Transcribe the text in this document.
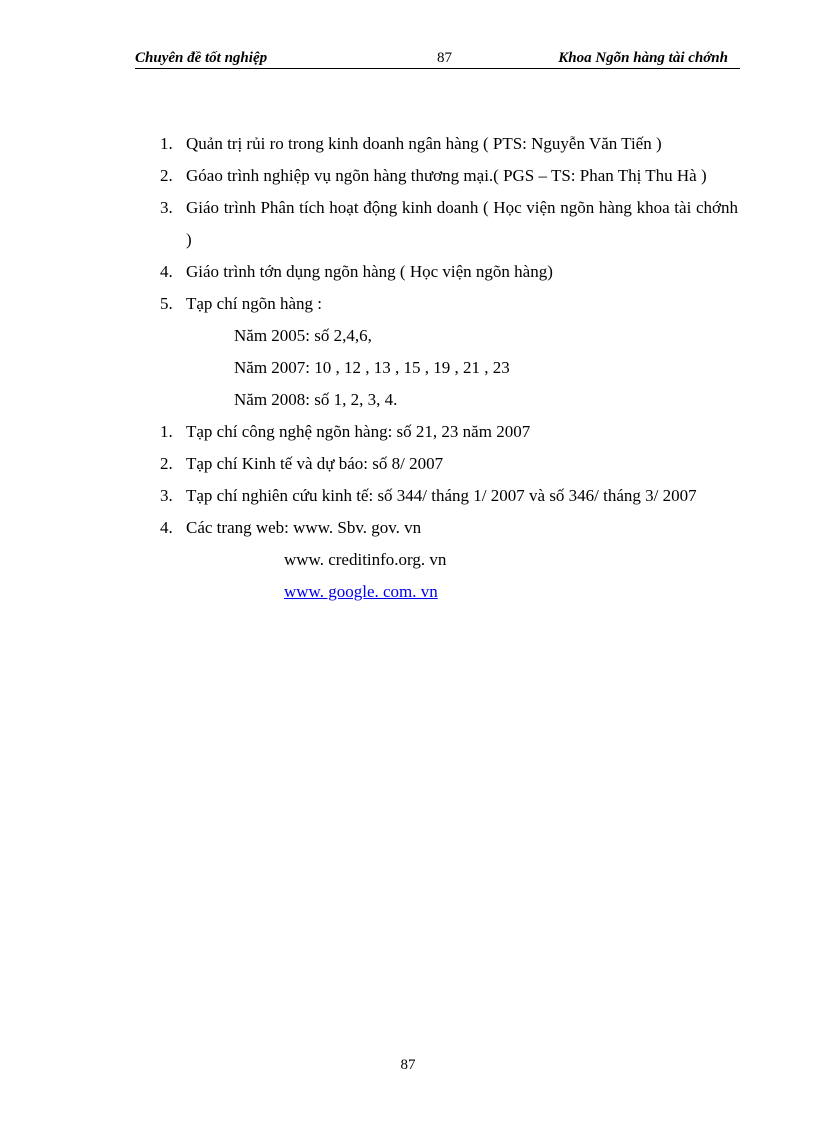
Chuyên đề tốt nghiệp	87	Khoa Ngõn hàng tài chớnh
1. Quản trị rủi ro trong kinh doanh ngân hàng ( PTS: Nguyễn Văn Tiến )
2. Góao trình nghiệp vụ ngõn hàng thương mại.( PGS – TS: Phan Thị Thu Hà )
3. Giáo trình Phân tích hoạt động kinh doanh ( Học viện ngõn hàng khoa tài chớnh )
4. Giáo trình tớn dụng ngõn hàng ( Học viện ngõn hàng)
5. Tạp chí ngõn hàng :
Năm 2005: số 2,4,6,
Năm 2007: 10 , 12 , 13 , 15 , 19 , 21 , 23
Năm 2008: số 1, 2, 3, 4.
1. Tạp chí công nghệ ngõn hàng: số 21, 23 năm 2007
2. Tạp chí Kinh tế và dự báo: số 8/ 2007
3. Tạp chí nghiên cứu kinh tế: số 344/ tháng 1/ 2007 và số 346/ tháng 3/ 2007
4. Các trang web: www. Sbv. gov. vn
www. creditinfo.org. vn
www. google. com. vn
87
